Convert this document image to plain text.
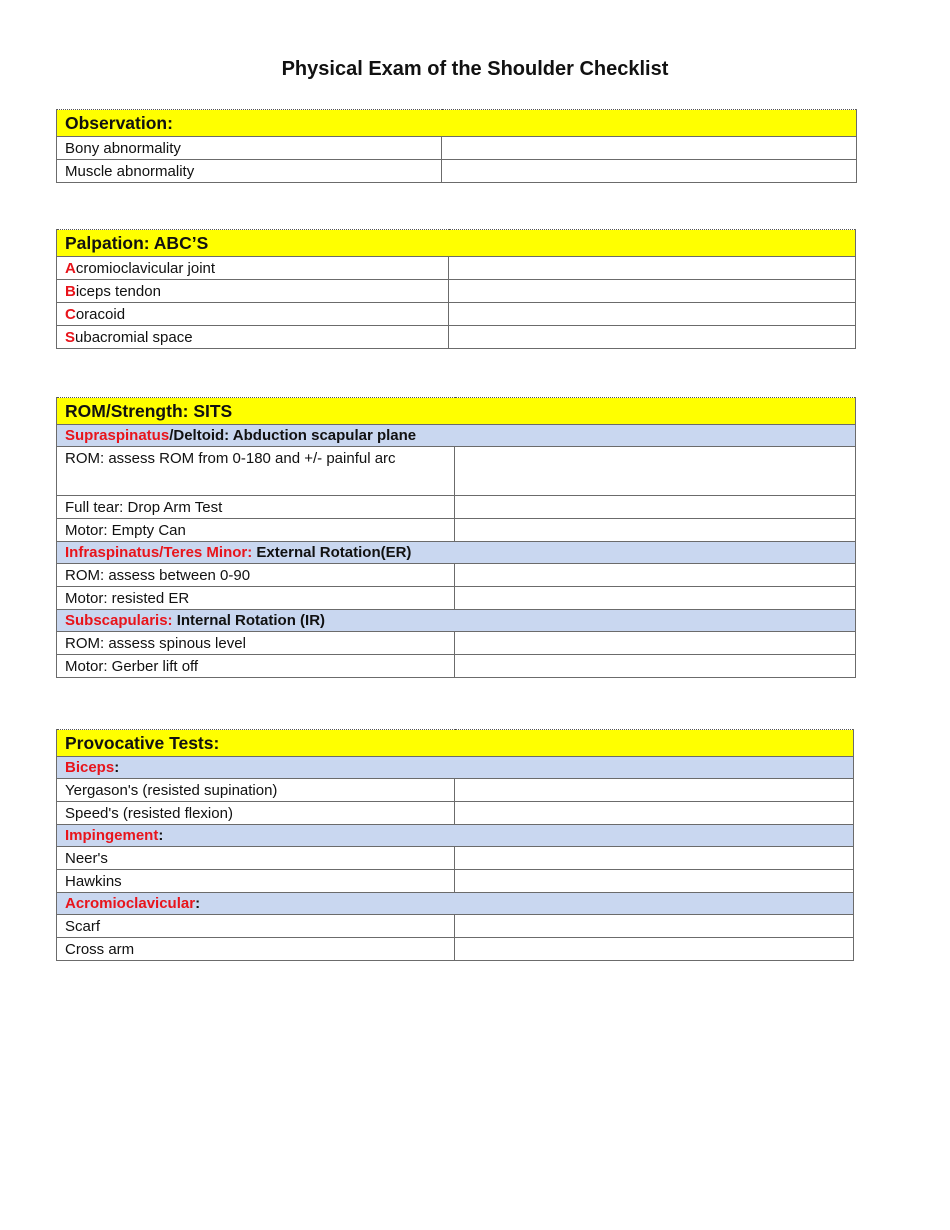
Physical Exam of the Shoulder Checklist
Observation:	
Bony abnormality	
Muscle abnormality	
Palpation: ABC’S	
Acromioclavicular joint	
Biceps tendon	
Coracoid	
Subacromial space	
ROM/Strength: SITS	
Supraspinatus/Deltoid: Abduction scapular plane	
ROM: assess ROM from 0-180 and +/- painful arc	
Full tear: Drop Arm Test	
Motor: Empty Can	
Infraspinatus/Teres Minor: External Rotation(ER)	
ROM: assess between 0-90	
Motor: resisted ER	
Subscapularis: Internal Rotation (IR)	
ROM: assess spinous level	
Motor: Gerber lift off	
Provocative Tests:	
Biceps:	
Yergason's (resisted supination)	
Speed's (resisted flexion)	
Impingement:	
Neer's	
Hawkins	
Acromioclavicular:	
Scarf	
Cross arm	
